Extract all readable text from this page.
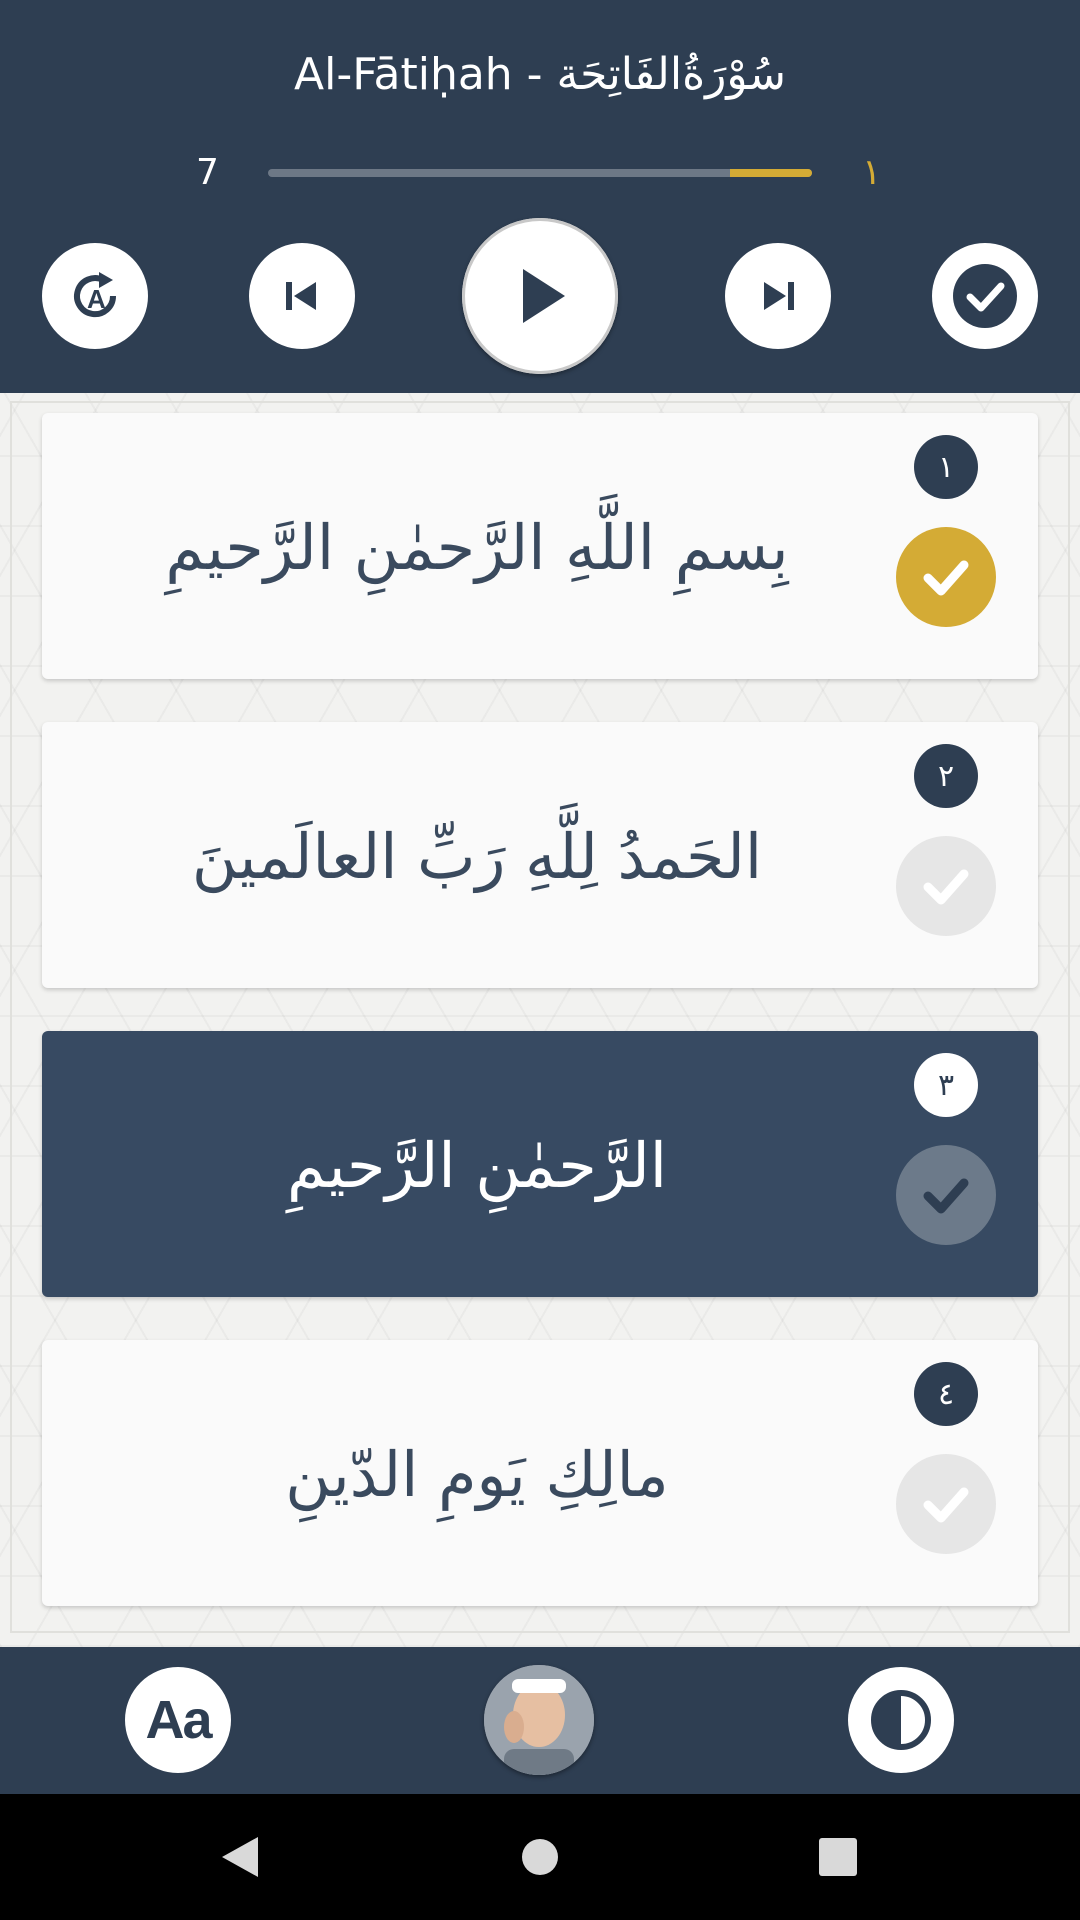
Al-Fātiḥah - سُوْرَةُالفَاتِحَة
7	١
A
بِسمِ اللَّهِ الرَّحمٰنِ الرَّحيمِ
١
الحَمدُ لِلَّهِ رَبِّ العالَمينَ
٢
الرَّحمٰنِ الرَّحيمِ
٣
مالِكِ يَومِ الدّينِ
٤
Aa
